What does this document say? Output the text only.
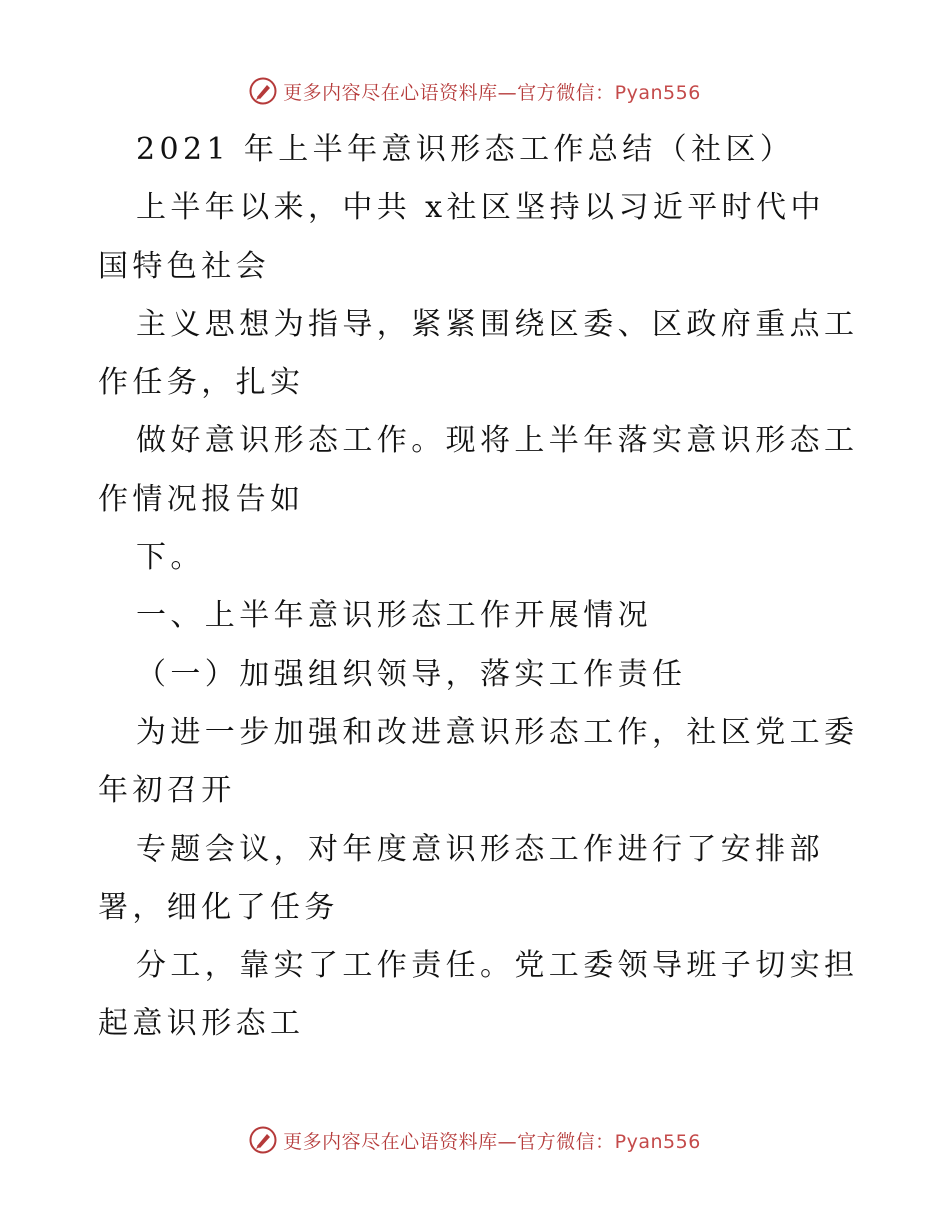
更多内容尽在心语资料库—官方微信：Pyan556
2021 年上半年意识形态工作总结（社区）
上半年以来，中共 x社区坚持以习近平时代中
国特色社会
主义思想为指导，紧紧围绕区委、区政府重点工
作任务，扎实
做好意识形态工作。现将上半年落实意识形态工
作情况报告如
下。
一、上半年意识形态工作开展情况
（一）加强组织领导，落实工作责任
为进一步加强和改进意识形态工作，社区党工委
年初召开
专题会议，对年度意识形态工作进行了安排部
署，细化了任务
分工，靠实了工作责任。党工委领导班子切实担
起意识形态工
更多内容尽在心语资料库—官方微信：Pyan556
